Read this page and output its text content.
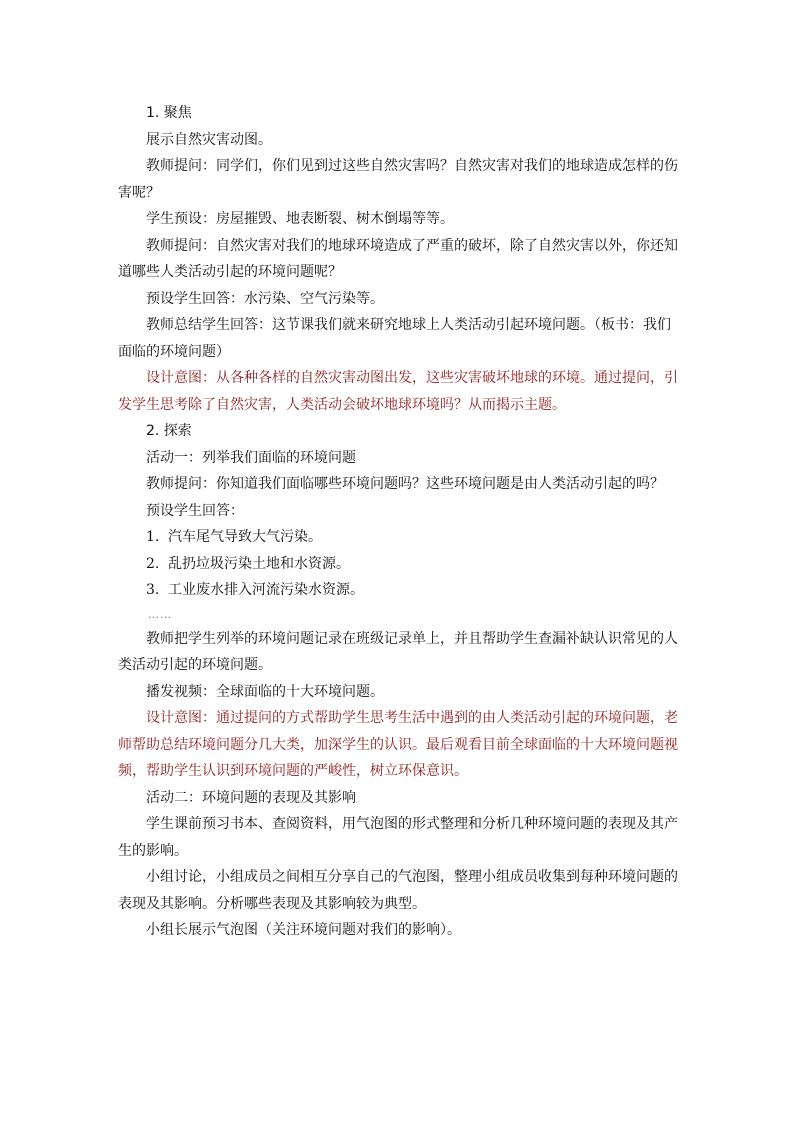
1. 聚焦

展示自然灾害动图。

教师提问：同学们，你们见到过这些自然灾害吗？自然灾害对我们的地球造成怎样的伤害呢？

学生预设：房屋摧毁、地表断裂、树木倒塌等等。

教师提问：自然灾害对我们的地球环境造成了严重的破坏，除了自然灾害以外，你还知道哪些人类活动引起的环境问题呢？

预设学生回答：水污染、空气污染等。

教师总结学生回答：这节课我们就来研究地球上人类活动引起环境问题。（板书：我们面临的环境问题）

设计意图：从各种各样的自然灾害动图出发，这些灾害破坏地球的环境。通过提问，引发学生思考除了自然灾害，人类活动会破坏地球环境吗？从而揭示主题。

2. 探索

活动一：列举我们面临的环境问题

教师提问：你知道我们面临哪些环境问题吗？这些环境问题是由人类活动引起的吗？

预设学生回答：

1. 汽车尾气导致大气污染。
2. 乱扔垃圾污染土地和水资源。
3. 工业废水排入河流污染水资源。

……

教师把学生列举的环境问题记录在班级记录单上，并且帮助学生查漏补缺认识常见的人类活动引起的环境问题。

播发视频：全球面临的十大环境问题。

设计意图：通过提问的方式帮助学生思考生活中遇到的由人类活动引起的环境问题，老师帮助总结环境问题分几大类，加深学生的认识。最后观看目前全球面临的十大环境问题视频，帮助学生认识到环境问题的严峻性，树立环保意识。

活动二：环境问题的表现及其影响

学生课前预习书本、查阅资料，用气泡图的形式整理和分析几种环境问题的表现及其产生的影响。

小组讨论，小组成员之间相互分享自己的气泡图，整理小组成员收集到每种环境问题的表现及其影响。分析哪些表现及其影响较为典型。

小组长展示气泡图（关注环境问题对我们的影响）。
